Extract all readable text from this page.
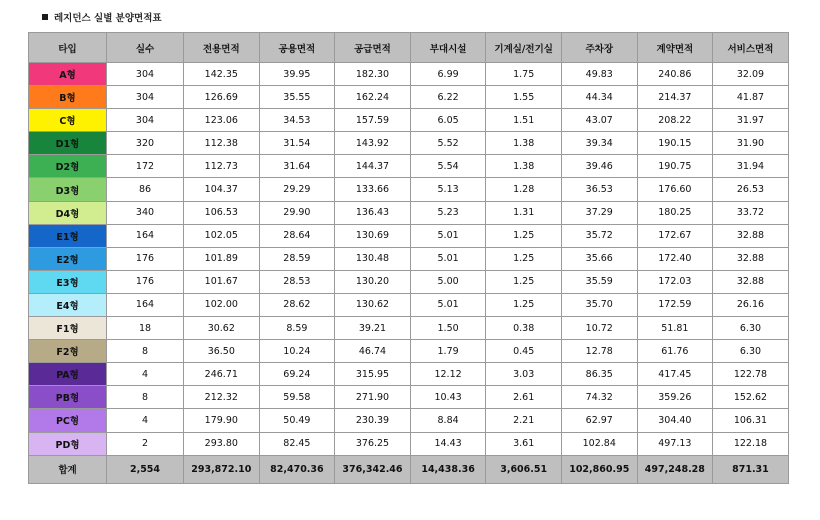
레지던스 실별 분양면적표
타입	실수	전용면적	공용면적	공급면적	부대시설	기계실/전기실	주차장	계약면적	서비스면적
A형	304	142.35	39.95	182.30	6.99	1.75	49.83	240.86	32.09
B형	304	126.69	35.55	162.24	6.22	1.55	44.34	214.37	41.87
C형	304	123.06	34.53	157.59	6.05	1.51	43.07	208.22	31.97
D1형	320	112.38	31.54	143.92	5.52	1.38	39.34	190.15	31.90
D2형	172	112.73	31.64	144.37	5.54	1.38	39.46	190.75	31.94
D3형	86	104.37	29.29	133.66	5.13	1.28	36.53	176.60	26.53
D4형	340	106.53	29.90	136.43	5.23	1.31	37.29	180.25	33.72
E1형	164	102.05	28.64	130.69	5.01	1.25	35.72	172.67	32.88
E2형	176	101.89	28.59	130.48	5.01	1.25	35.66	172.40	32.88
E3형	176	101.67	28.53	130.20	5.00	1.25	35.59	172.03	32.88
E4형	164	102.00	28.62	130.62	5.01	1.25	35.70	172.59	26.16
F1형	18	30.62	8.59	39.21	1.50	0.38	10.72	51.81	6.30
F2형	8	36.50	10.24	46.74	1.79	0.45	12.78	61.76	6.30
PA형	4	246.71	69.24	315.95	12.12	3.03	86.35	417.45	122.78
PB형	8	212.32	59.58	271.90	10.43	2.61	74.32	359.26	152.62
PC형	4	179.90	50.49	230.39	8.84	2.21	62.97	304.40	106.31
PD형	2	293.80	82.45	376.25	14.43	3.61	102.84	497.13	122.18
합계	2,554	293,872.10	82,470.36	376,342.46	14,438.36	3,606.51	102,860.95	497,248.28	871.31
